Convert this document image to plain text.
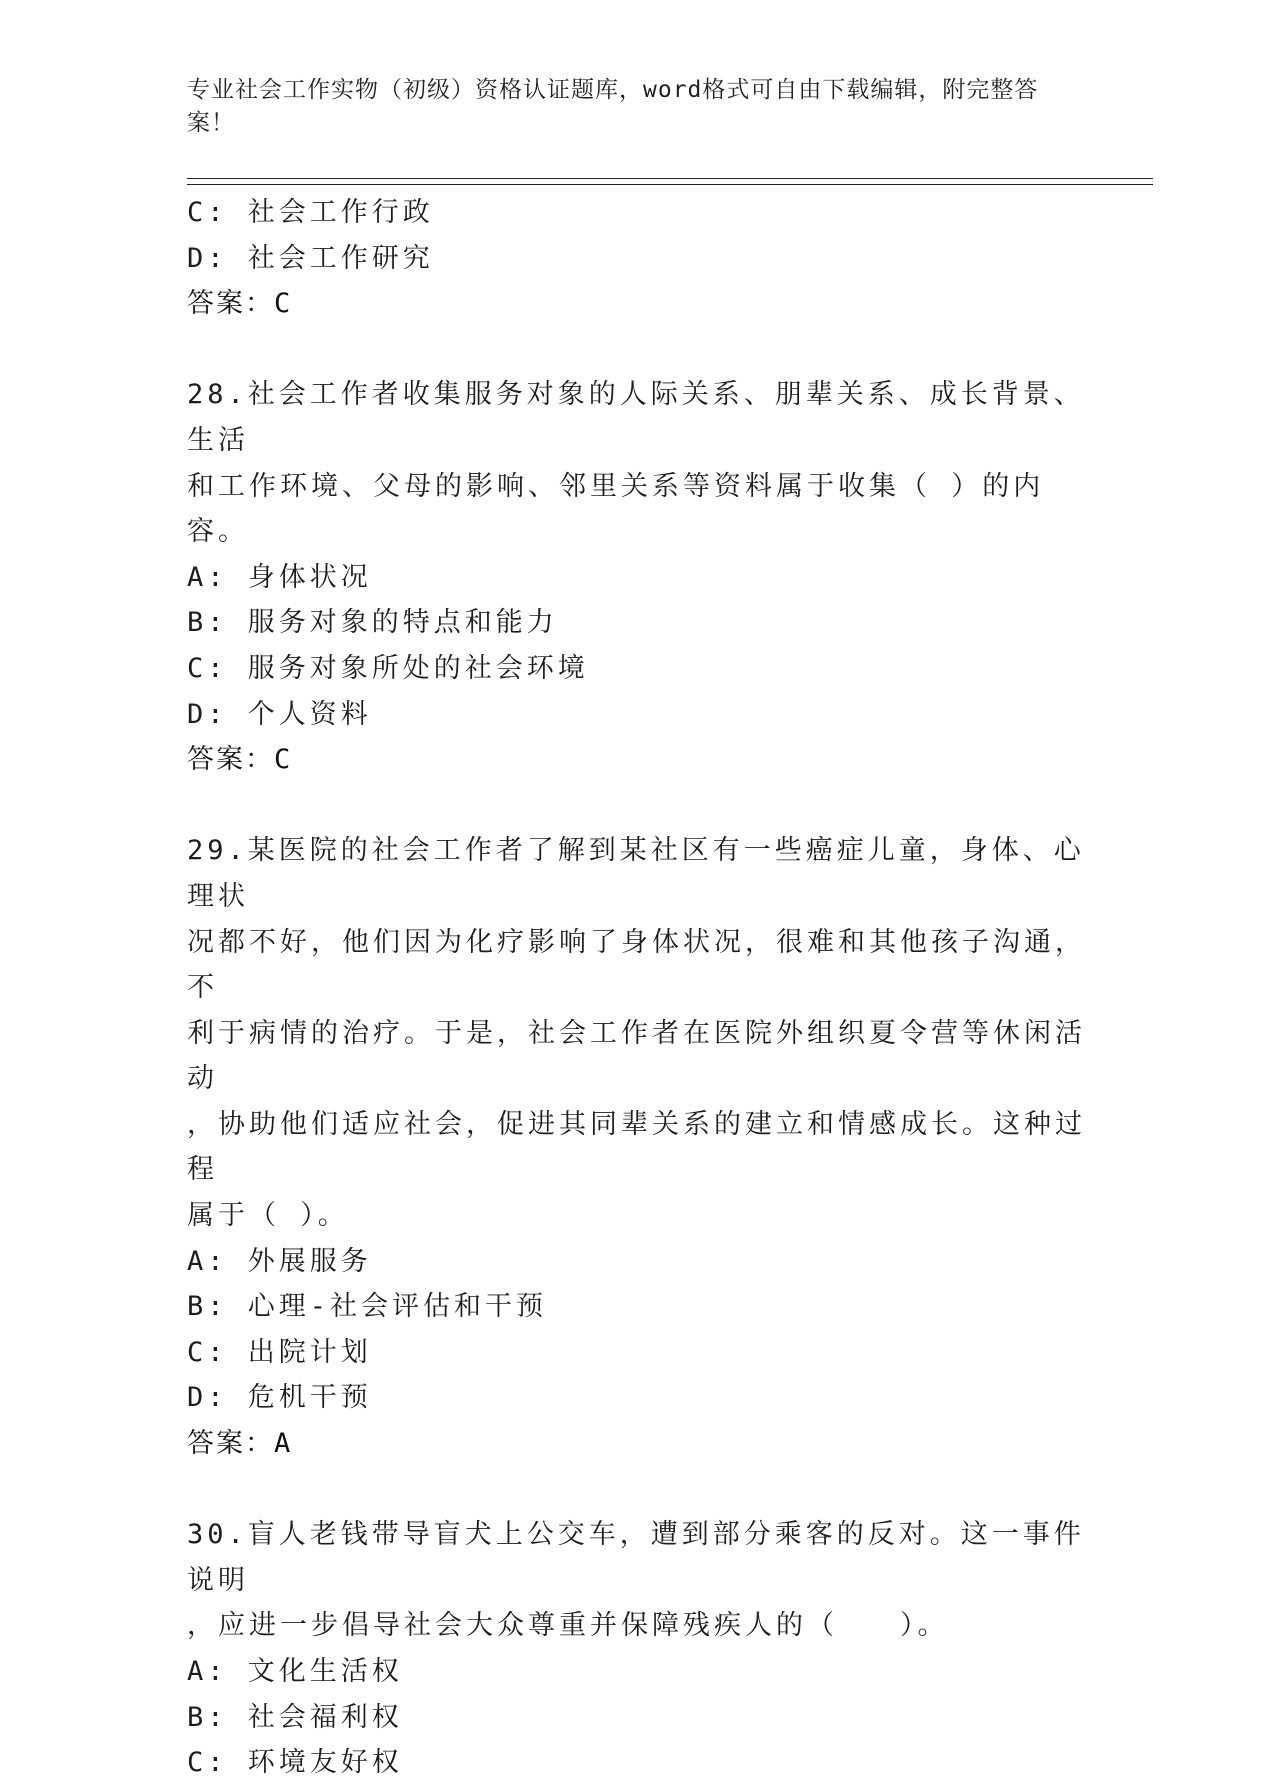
专业社会工作实物（初级）资格认证题库，word格式可自由下载编辑，附完整答
案！
C: 社会工作行政
D: 社会工作研究
答案：C
28.社会工作者收集服务对象的人际关系、朋辈关系、成长背景、生活
和工作环境、父母的影响、邻里关系等资料属于收集（ ）的内容。
A: 身体状况
B: 服务对象的特点和能力
C: 服务对象所处的社会环境
D: 个人资料
答案：C
29.某医院的社会工作者了解到某社区有一些癌症儿童，身体、心理状
况都不好，他们因为化疗影响了身体状况，很难和其他孩子沟通，不
利于病情的治疗。于是，社会工作者在医院外组织夏令营等休闲活动
，协助他们适应社会，促进其同辈关系的建立和情感成长。这种过程
属于（ ）。
A: 外展服务
B: 心理-社会评估和干预
C: 出院计划
D: 危机干预
答案：A
30.盲人老钱带导盲犬上公交车，遭到部分乘客的反对。这一事件说明
，应进一步倡导社会大众尊重并保障残疾人的（　　）。
A: 文化生活权
B: 社会福利权
C: 环境友好权
